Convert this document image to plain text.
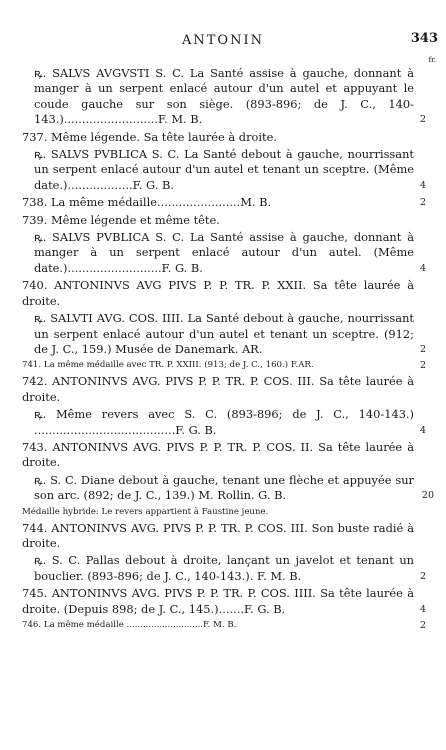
ANTONIN	343
fr.
ꝶ. SALVS AVGVSTI S. C. La Santé assise à gauche, donnant à manger à un serpent enlacé autour d'un autel et appuyant le coude gauche sur son siège. (893-896; de J. C., 140-143.)..........................F. M. B.	2
737. Même légende. Sa tête laurée à droite.
ꝶ. SALVS PVBLICA S. C. La Santé debout à gauche, nourrissant un serpent enlacé autour d'un autel et tenant un sceptre. (Même date.)..................F. G. B.	4
738. La même médaille.......................M. B.	2
739. Même légende et même tête.
ꝶ. SALVS PVBLICA S. C. La Santé assise à gauche, donnant à manger à un serpent enlacé autour d'un autel. (Même date.)..........................F. G. B.	4
740. ANTONINVS AVG PIVS P. P. TR. P. XXII. Sa tête laurée à droite.
ꝶ. SALVTI AVG. COS. IIII. La Santé debout à gauche, nourrissant un serpent enlacé autour d'un autel et tenant un sceptre. (912; de J. C., 159.) Musée de Danemark. AR.	2
741. La même médaille avec TR. P. XXIII. (913; de J. C., 160.) F.AR.	2
742. ANTONINVS AVG. PIVS P. P. TR. P. COS. III. Sa tête laurée à droite.
ꝶ. Même revers avec S. C. (893-896; de J. C., 140-143.) .......................................F. G. B.	4
743. ANTONINVS AVG. PIVS P. P. TR. P. COS. II. Sa tête laurée à droite.
ꝶ. S. C. Diane debout à gauche, tenant une flèche et appuyée sur son arc. (892; de J. C., 139.) M. Rollin. G. B.	20
Médaille hybride: Le revers appartient à Faustine jeune.
744. ANTONINVS AVG. PIVS P. P. TR. P. COS. III. Son buste radié à droite.
ꝶ. S. C. Pallas debout à droite, lançant un javelot et tenant un bouclier. (893-896; de J. C., 140-143.). F. M. B.	2
745. ANTONINVS AVG. PIVS P. P. TR. P. COS. IIII. Sa tête laurée à droite. (Depuis 898; de J. C., 145.).......F. G. B.	4
746. La même médaille ............................F. M. B.	2
